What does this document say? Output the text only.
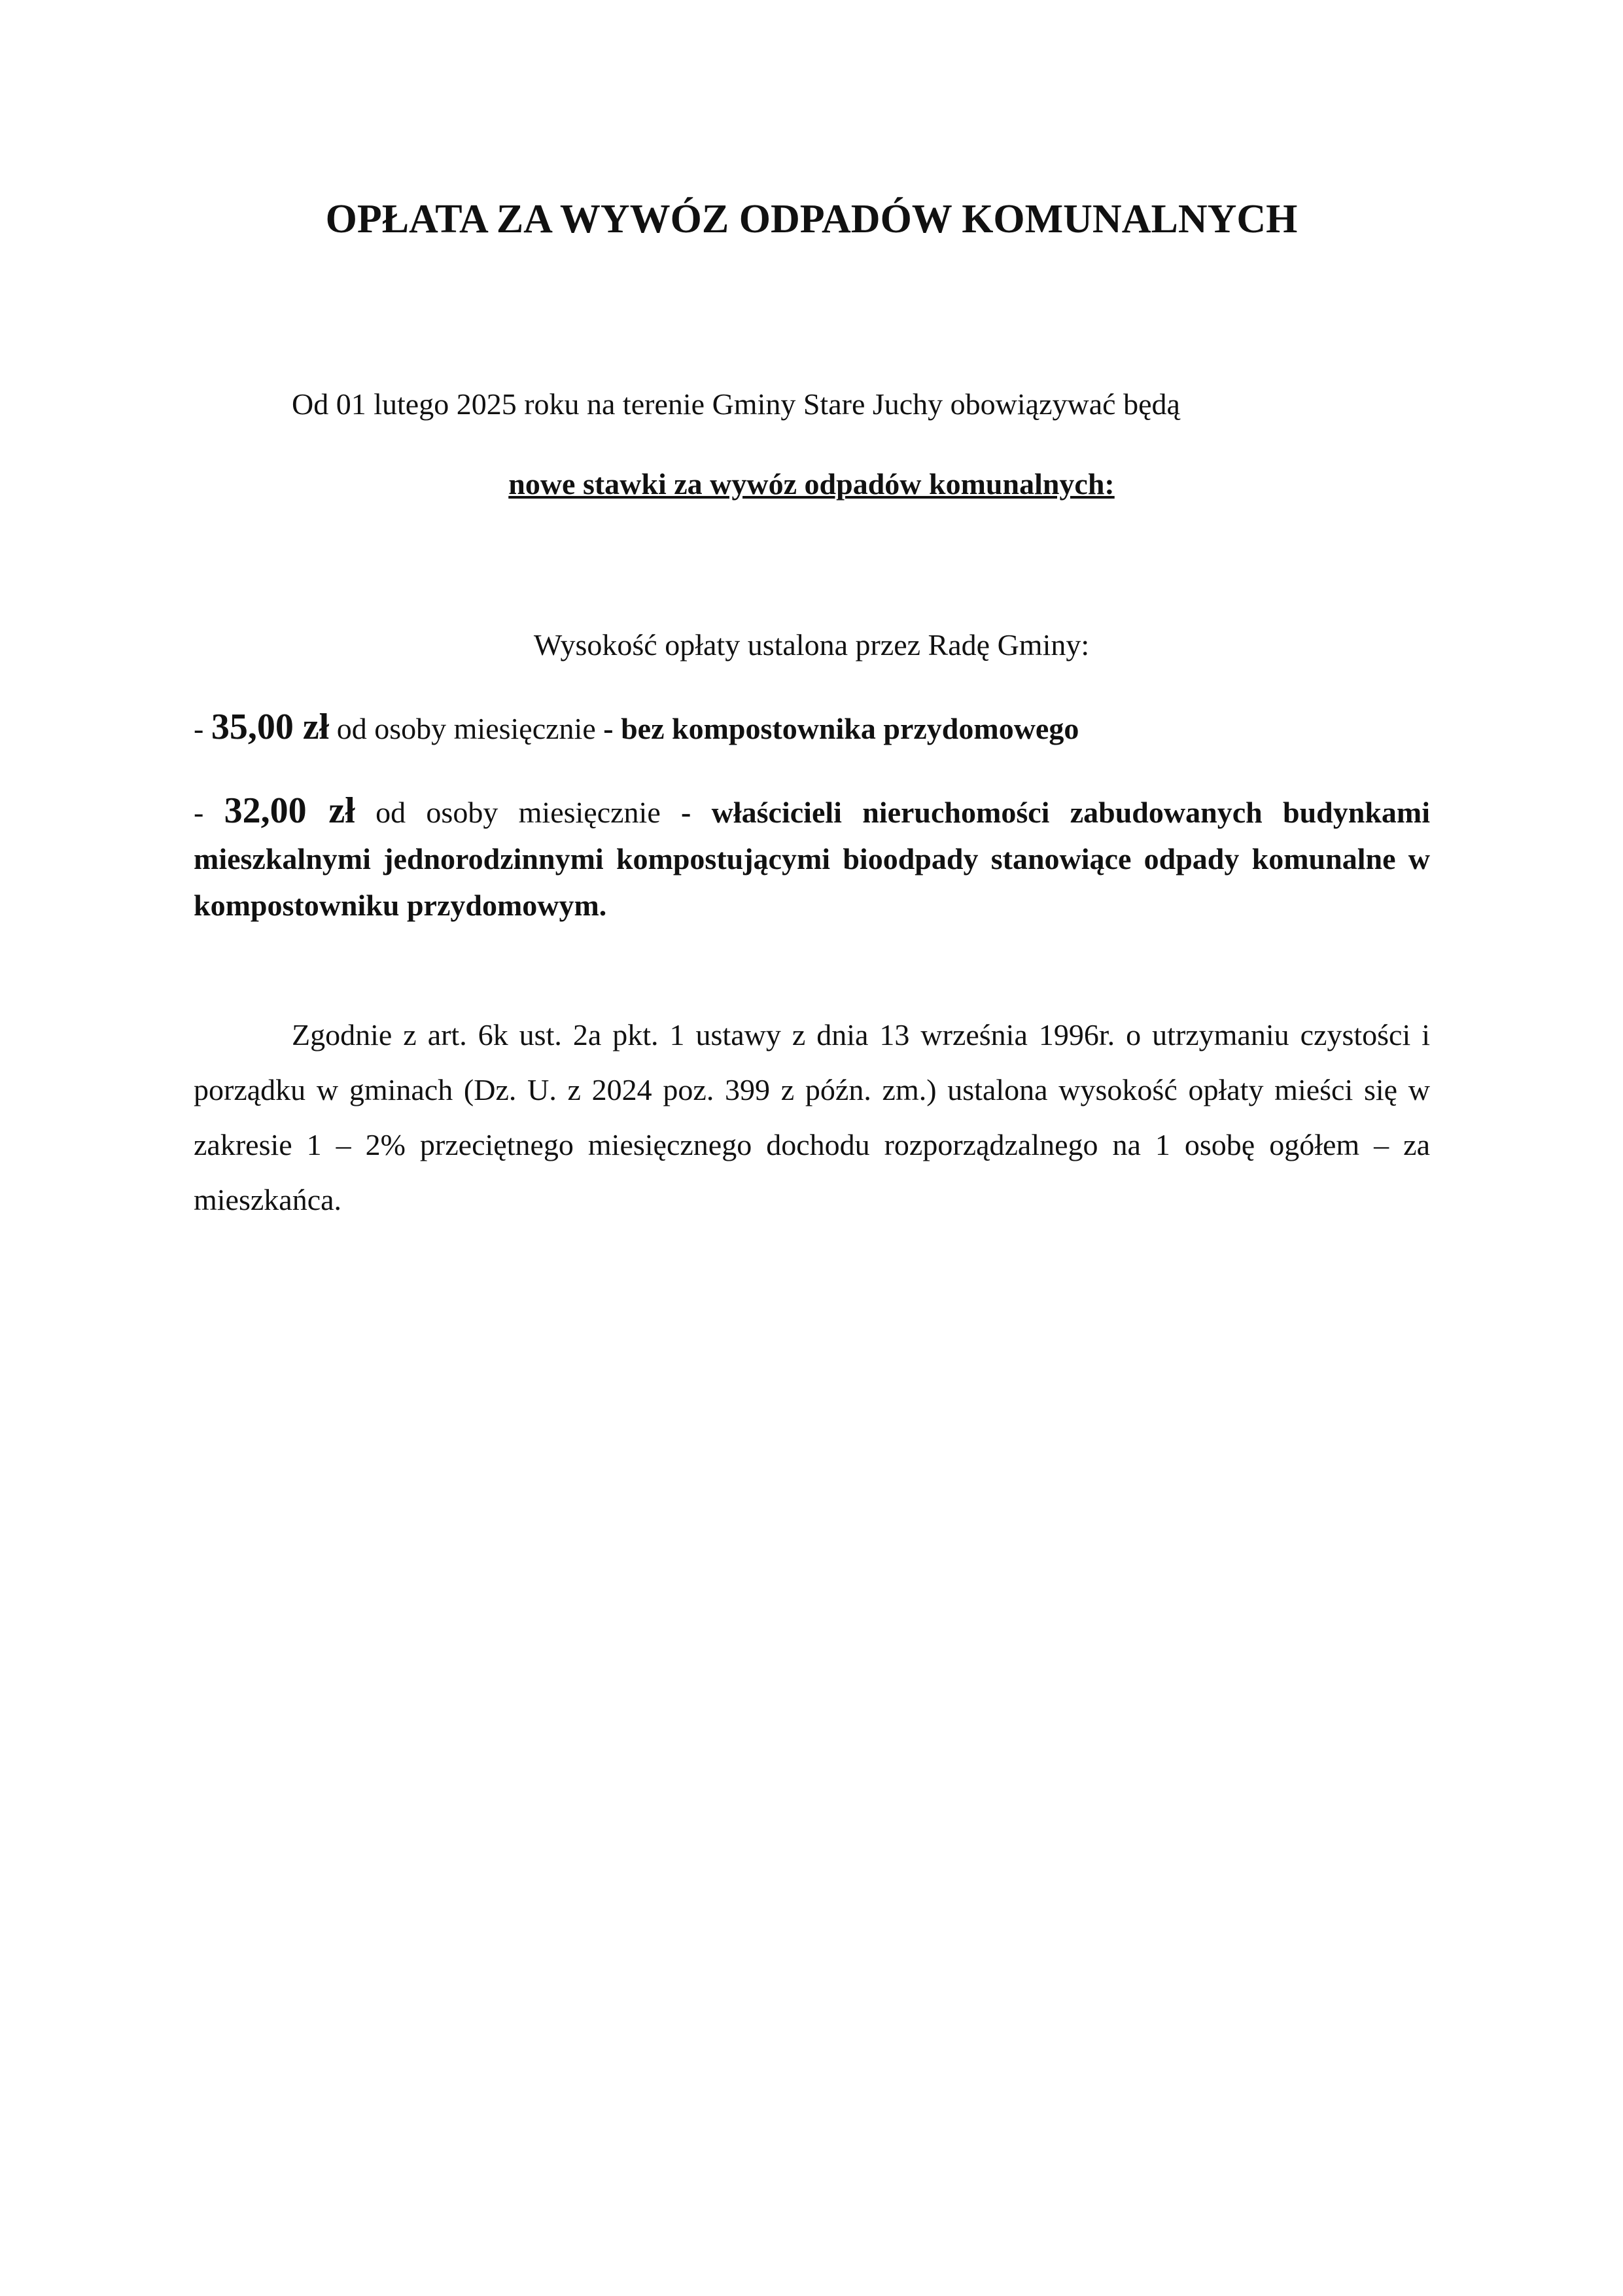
OPŁATA ZA WYWÓZ ODPADÓW KOMUNALNYCH
Od 01 lutego 2025 roku na terenie Gminy Stare Juchy obowiązywać będą
nowe stawki za wywóz odpadów komunalnych:
Wysokość opłaty ustalona przez Radę Gminy:
- 35,00 zł od osoby miesięcznie - bez kompostownika przydomowego
- 32,00 zł od osoby miesięcznie - właścicieli nieruchomości zabudowanych budynkami mieszkalnymi jednorodzinnymi kompostującymi bioodpady stanowiące odpady komunalne w kompostowniku przydomowym.
Zgodnie z art. 6k ust. 2a pkt. 1 ustawy z dnia 13 września 1996r. o utrzymaniu czystości i porządku w gminach (Dz. U. z 2024 poz. 399 z późn. zm.) ustalona wysokość opłaty mieści się w zakresie 1 – 2% przeciętnego miesięcznego dochodu rozporządzalnego na 1 osobę ogółem – za mieszkańca.
